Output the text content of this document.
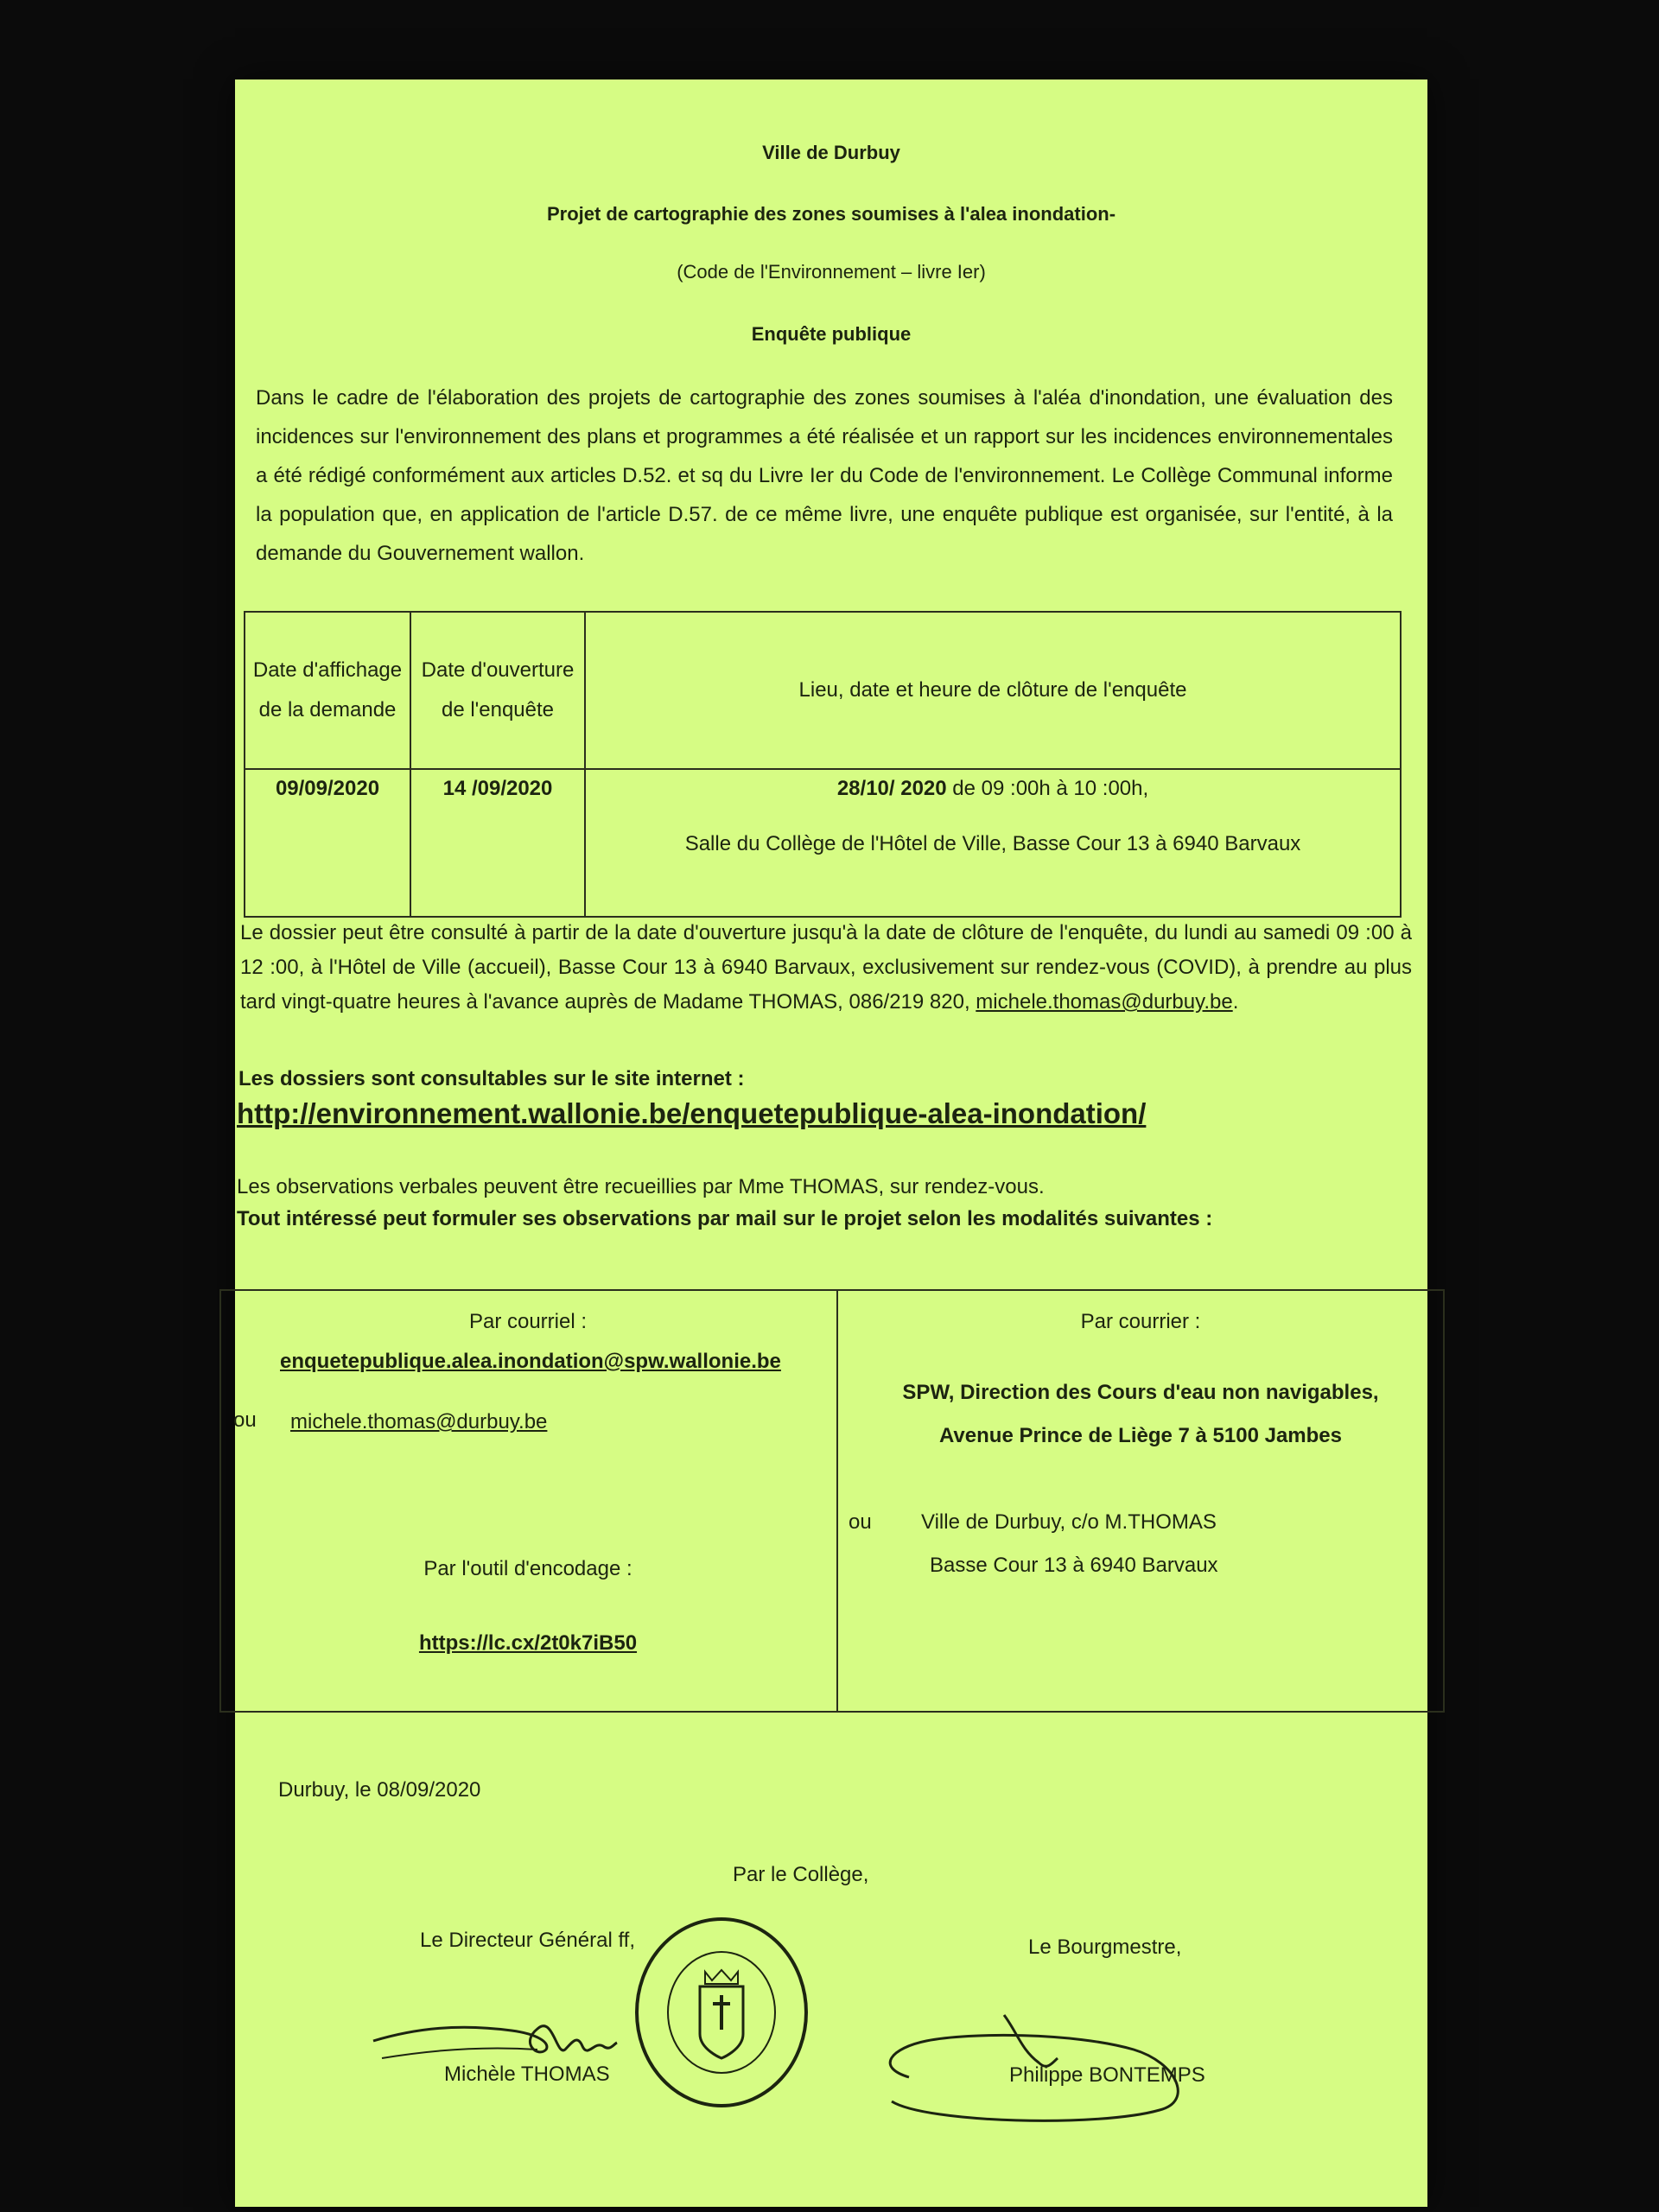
Ville de Durbuy
Projet de cartographie des zones soumises à l'alea inondation-
(Code de l'Environnement – livre Ier)
Enquête publique
Dans le cadre de l'élaboration des projets de cartographie des zones soumises à l'aléa d'inondation, une évaluation des incidences sur l'environnement des plans et programmes a été réalisée et un rapport sur les incidences environnementales a été rédigé conformément aux articles D.52. et sq du Livre Ier du Code de l'environnement. Le Collège Communal informe la population que, en application de l'article D.57. de ce même livre, une enquête publique est organisée, sur l'entité, à la demande du Gouvernement wallon.
Date d'affichage de la demande	Date d'ouverture de l'enquête	Lieu, date et heure de clôture de l'enquête
09/09/2020	14 /09/2020	28/10/ 2020 de 09 :00h à 10 :00h,
Salle du Collège de l'Hôtel de Ville, Basse Cour 13 à 6940 Barvaux
Le dossier peut être consulté à partir de la date d'ouverture jusqu'à la date de clôture de l'enquête, du lundi au samedi 09 :00 à 12 :00, à l'Hôtel de Ville (accueil), Basse Cour 13 à 6940 Barvaux, exclusivement sur rendez-vous (COVID), à prendre au plus tard vingt-quatre heures à l'avance auprès de Madame THOMAS, 086/219 820, michele.thomas@durbuy.be.
Les dossiers sont consultables sur le site internet :
http://environnement.wallonie.be/enquetepublique-alea-inondation/
Les observations verbales peuvent être recueillies par Mme THOMAS, sur rendez-vous.
Tout intéressé peut formuler ses observations par mail sur le projet selon les modalités suivantes :
Par courriel :
enquetepublique.alea.inondation@spw.wallonie.be
ou michele.thomas@durbuy.be
Par l'outil d'encodage :
https://lc.cx/2t0k7iB50

Par courrier :
SPW, Direction des Cours d'eau non navigables,
Avenue Prince de Liège 7 à 5100 Jambes
ou Ville de Durbuy, c/o M.THOMAS
Basse Cour 13 à 6940 Barvaux
Durbuy, le 08/09/2020
Par le Collège,
Le Directeur Général ff,	Le Bourgmestre,
Michèle THOMAS	Philippe BONTEMPS
